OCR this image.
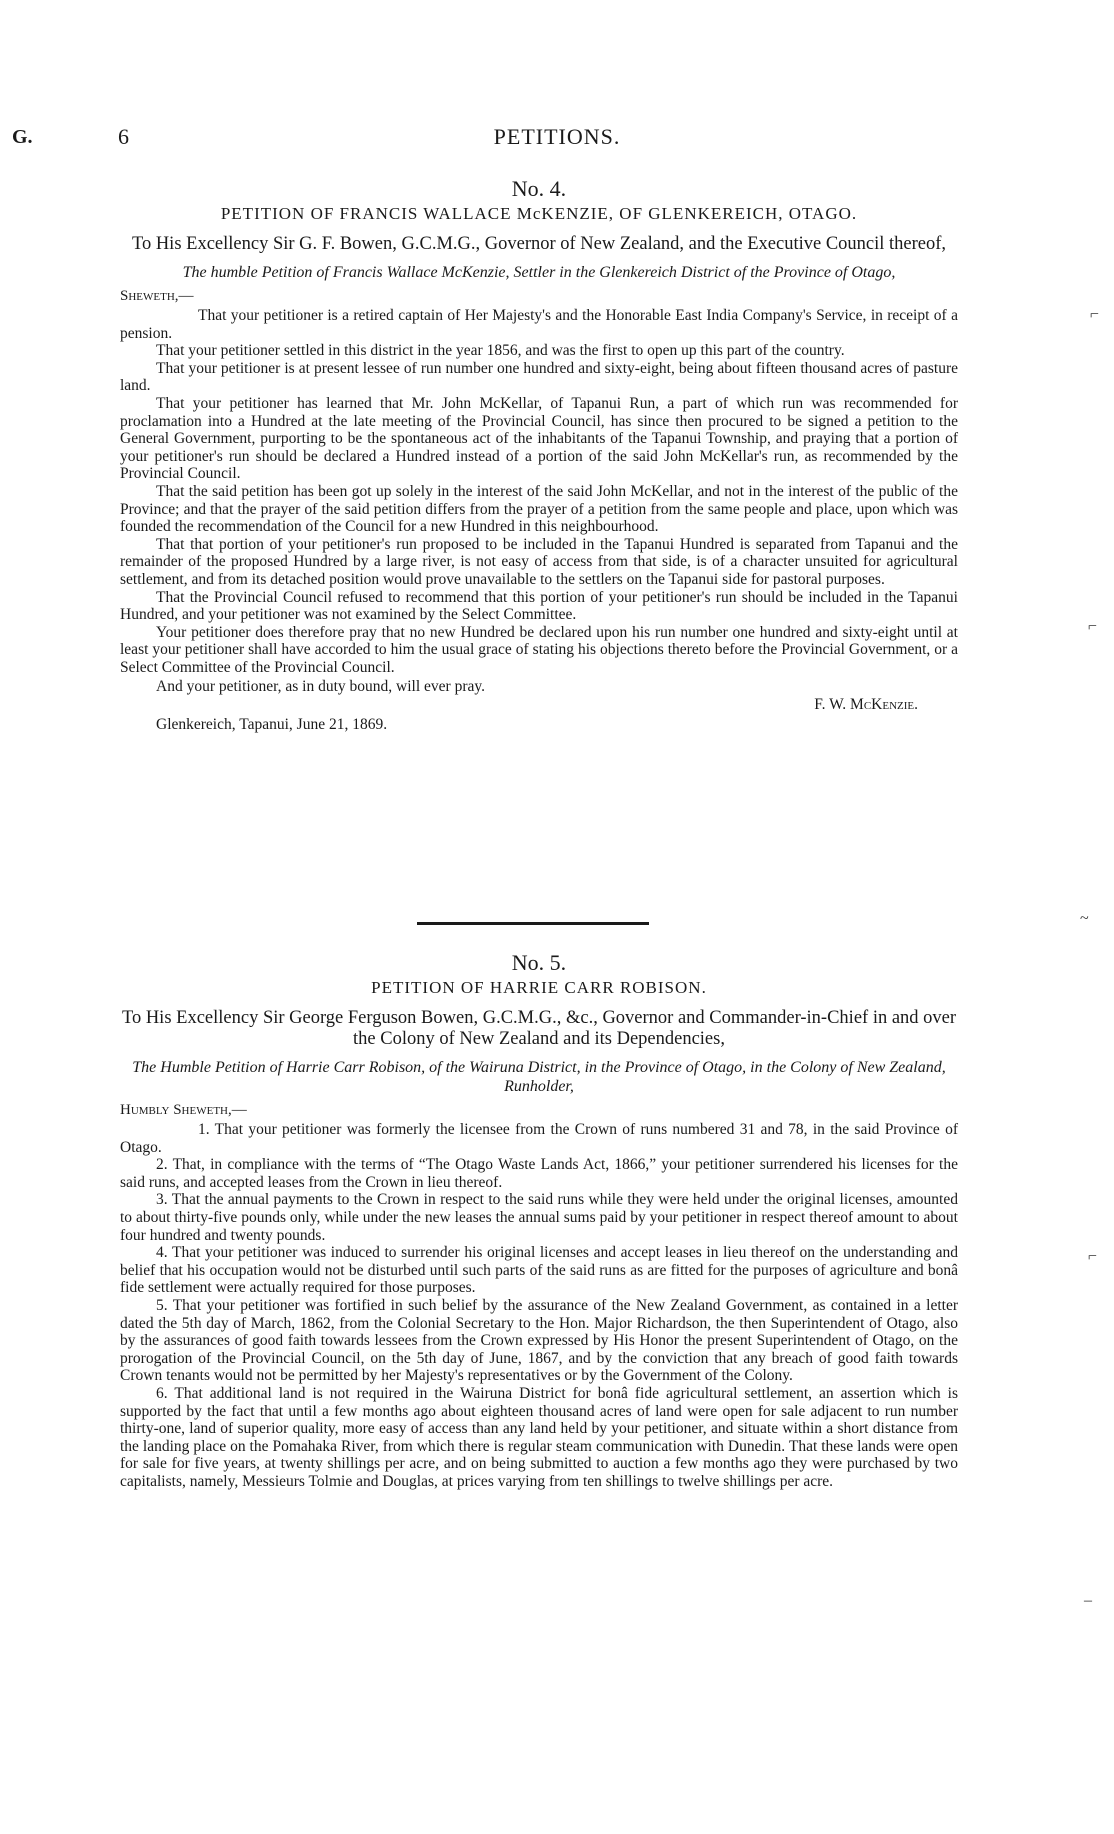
G.	6	PETITIONS.
No. 4.
PETITION OF FRANCIS WALLACE McKENZIE, OF GLENKEREICH, OTAGO.
To His Excellency Sir G. F. Bowen, G.C.M.G., Governor of New Zealand, and the Executive Council thereof,
The humble Petition of Francis Wallace McKenzie, Settler in the Glenkereich District of the Province of Otago,
Sheweth,—

That your petitioner is a retired captain of Her Majesty's and the Honorable East India Company's Service, in receipt of a pension.

That your petitioner settled in this district in the year 1856, and was the first to open up this part of the country.

That your petitioner is at present lessee of run number one hundred and sixty-eight, being about fifteen thousand acres of pasture land.

That your petitioner has learned that Mr. John McKellar, of Tapanui Run, a part of which run was recommended for proclamation into a Hundred at the late meeting of the Provincial Council, has since then procured to be signed a petition to the General Government, purporting to be the spontaneous act of the inhabitants of the Tapanui Township, and praying that a portion of your petitioner's run should be declared a Hundred instead of a portion of the said John McKellar's run, as recommended by the Provincial Council.

That the said petition has been got up solely in the interest of the said John McKellar, and not in the interest of the public of the Province; and that the prayer of the said petition differs from the prayer of a petition from the same people and place, upon which was founded the recommendation of the Council for a new Hundred in this neighbourhood.

That that portion of your petitioner's run proposed to be included in the Tapanui Hundred is separated from Tapanui and the remainder of the proposed Hundred by a large river, is not easy of access from that side, is of a character unsuited for agricultural settlement, and from its detached position would prove unavailable to the settlers on the Tapanui side for pastoral purposes.

That the Provincial Council refused to recommend that this portion of your petitioner's run should be included in the Tapanui Hundred, and your petitioner was not examined by the Select Committee.

Your petitioner does therefore pray that no new Hundred be declared upon his run number one hundred and sixty-eight until at least your petitioner shall have accorded to him the usual grace of stating his objections thereto before the Provincial Government, or a Select Committee of the Provincial Council.

And your petitioner, as in duty bound, will ever pray.
F. W. McKenzie.
Glenkereich, Tapanui, June 21, 1869.
No. 5.
PETITION OF HARRIE CARR ROBISON.
To His Excellency Sir George Ferguson Bowen, G.C.M.G., &c., Governor and Commander-in-Chief in and over the Colony of New Zealand and its Dependencies,
The Humble Petition of Harrie Carr Robison, of the Wairuna District, in the Province of Otago, in the Colony of New Zealand, Runholder,
Humbly Sheweth,—

1. That your petitioner was formerly the licensee from the Crown of runs numbered 31 and 78, in the said Province of Otago.

2. That, in compliance with the terms of “The Otago Waste Lands Act, 1866,” your petitioner surrendered his licenses for the said runs, and accepted leases from the Crown in lieu thereof.

3. That the annual payments to the Crown in respect to the said runs while they were held under the original licenses, amounted to about thirty-five pounds only, while under the new leases the annual sums paid by your petitioner in respect thereof amount to about four hundred and twenty pounds.

4. That your petitioner was induced to surrender his original licenses and accept leases in lieu thereof on the understanding and belief that his occupation would not be disturbed until such parts of the said runs as are fitted for the purposes of agriculture and bonâ fide settlement were actually required for those purposes.

5. That your petitioner was fortified in such belief by the assurance of the New Zealand Government, as contained in a letter dated the 5th day of March, 1862, from the Colonial Secretary to the Hon. Major Richardson, the then Superintendent of Otago, also by the assurances of good faith towards lessees from the Crown expressed by His Honor the present Superintendent of Otago, on the prorogation of the Provincial Council, on the 5th day of June, 1867, and by the conviction that any breach of good faith towards Crown tenants would not be permitted by her Majesty's representatives or by the Government of the Colony.

6. That additional land is not required in the Wairuna District for bonâ fide agricultural settlement, an assertion which is supported by the fact that until a few months ago about eighteen thousand acres of land were open for sale adjacent to run number thirty-one, land of superior quality, more easy of access than any land held by your petitioner, and situate within a short distance from the landing place on the Pomahaka River, from which there is regular steam communication with Dunedin. That these lands were open for sale for five years, at twenty shillings per acre, and on being submitted to auction a few months ago they were purchased by two capitalists, namely, Messieurs Tolmie and Douglas, at prices varying from ten shillings to twelve shillings per acre.

⌐
⌐
~
⌐
–
